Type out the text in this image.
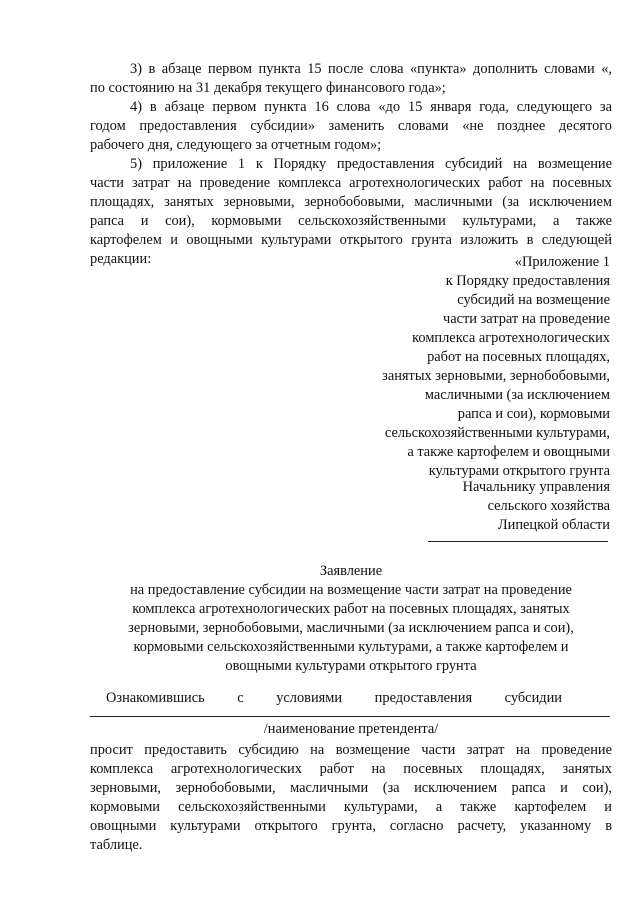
3) в абзаце первом пункта 15 после слова «пункта» дополнить словами «,
по состоянию на 31 декабря текущего финансового года»;
4) в абзаце первом пункта 16 слова «до 15 января года, следующего за
годом предоставления субсидии» заменить словами «не позднее десятого
рабочего дня, следующего за отчетным годом»;
5) приложение 1 к Порядку предоставления субсидий на возмещение
части затрат на проведение комплекса агротехнологических работ на посевных
площадях, занятых зерновыми, зернобобовыми, масличными (за исключением
рапса и сои), кормовыми сельскохозяйственными культурами, а также
картофелем и овощными культурами открытого грунта изложить в следующей
редакции:	«Приложение 1
к Порядку предоставления
субсидий на возмещение
части затрат на проведение
комплекса агротехнологических
работ на посевных площадях,
занятых зерновыми, зернобобовыми,
масличными (за исключением
рапса и сои), кормовыми
сельскохозяйственными культурами,
а также картофелем и овощными
культурами открытого грунта
Начальнику управления
сельского хозяйства
Липецкой области
Заявление
на предоставление субсидии на возмещение части затрат на проведение
комплекса агротехнологических работ на посевных площадях, занятых
зерновыми, зернобобовыми, масличными (за исключением рапса и сои),
кормовыми сельскохозяйственными культурами, а также картофелем и
овощными культурами открытого грунта
Ознакомившись с условиями предоставления субсидии
/наименование претендента/
просит предоставить субсидию на возмещение части затрат на проведение
комплекса агротехнологических работ на посевных площадях, занятых
зерновыми, зернобобовыми, масличными (за исключением рапса и сои),
кормовыми сельскохозяйственными культурами, а также картофелем и
овощными культурами открытого грунта, согласно расчету, указанному в
таблице.
